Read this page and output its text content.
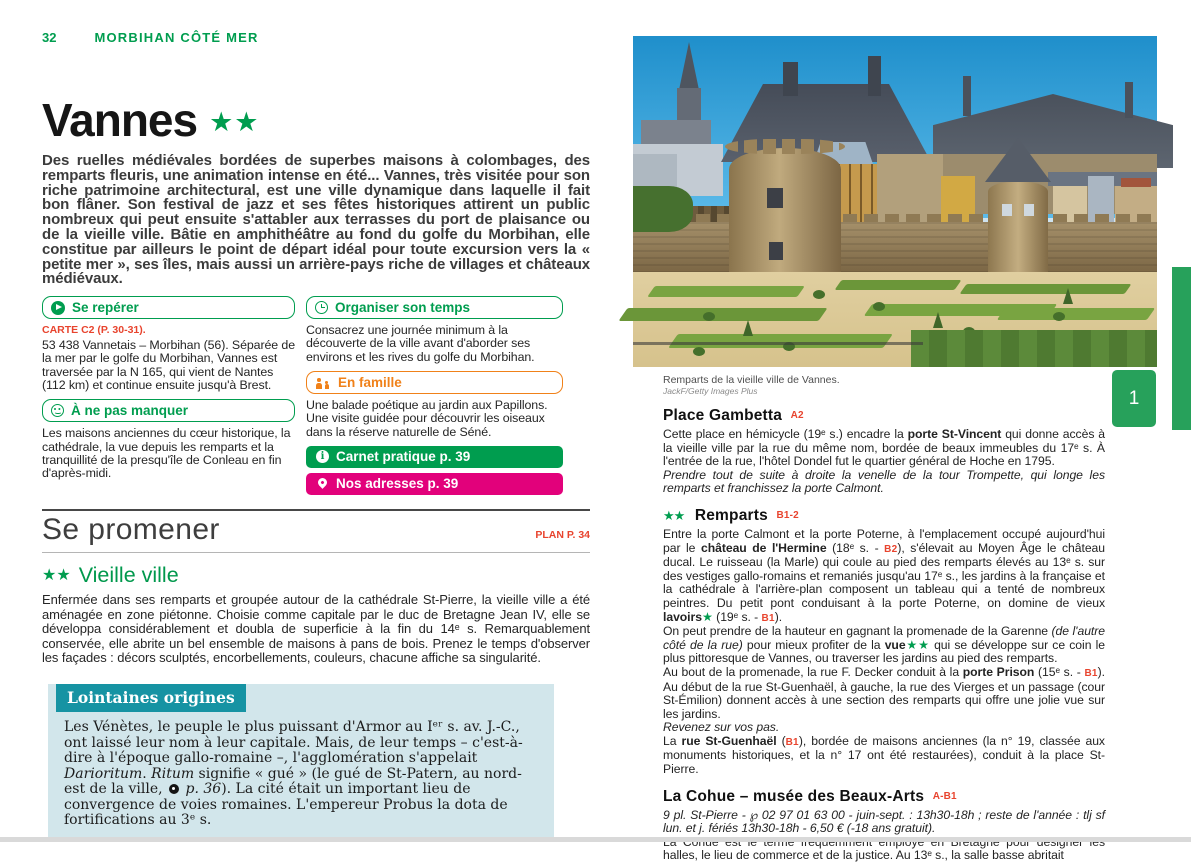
32	MORBIHAN CÔTÉ MER
Vannes ★★

Des ruelles médiévales bordées de superbes maisons à colombages, des remparts fleuris, une animation intense en été... Vannes, très visitée pour son riche patrimoine architectural, est une ville dynamique dans laquelle il fait bon flâner. Son festival de jazz et ses fêtes historiques attirent un public nombreux qui peut ensuite s'attabler aux terrasses du port de plaisance ou de la vieille ville. Bâtie en amphithéâtre au fond du golfe du Morbihan, elle constitue par ailleurs le point de départ idéal pour toute excursion vers la « petite mer », ses îles, mais aussi un arrière-pays riche de villages et châteaux médiévaux.

Se repérer
CARTE C2 (P. 30-31).

53 438 Vannetais – Morbihan (56). Séparée de la mer par le golfe du Morbihan, Vannes est traversée par la N 165, qui vient de Nantes (112 km) et continue ensuite jusqu'à Brest.

À ne pas manquer

Les maisons anciennes du cœur historique, la cathédrale, la vue depuis les remparts et la tranquillité de la presqu'île de Conleau en fin d'après-midi.

Organiser son temps

Consacrez une journée minimum à la découverte de la ville avant d'aborder ses environs et les rives du golfe du Morbihan.

En famille

Une balade poétique au jardin aux Papillons. Une visite guidée pour découvrir les oiseaux dans la réserve naturelle de Séné.

i
Carnet pratique p. 39
Nos adresses p. 39
Se promener	PLAN P. 34
★★ Vieille ville

Enfermée dans ses remparts et groupée autour de la cathédrale St-Pierre, la vieille ville a été aménagée en zone piétonne. Choisie comme capitale par le duc de Bretagne Jean IV, elle se développa considérablement et doubla de superficie à la fin du 14ᵉ s. Remarquablement conservée, elle abrite un bel ensemble de maisons à pans de bois. Prenez le temps d'observer les façades : décors sculptés, encorbellements, couleurs, chacune affiche sa singularité.

Lointaines origines

Les Vénètes, le peuple le plus puissant d'Armor au Iᵉʳ s. av. J.-C., ont laissé leur nom à leur capitale. Mais, de leur temps – c'est-à-dire à l'époque gallo-romaine –, l'agglomération s'appelait Darioritum. Ritum signifie « gué » (le gué de St-Patern, au nord-est de la ville,  p. 36). La cité était un important lieu de convergence de voies romaines. L'empereur Probus la dota de fortifications au 3ᵉ s.

1
Remparts de la vieille ville de Vannes.
JackF/Getty Images Plus
Place Gambetta A2

Cette place en hémicycle (19ᵉ s.) encadre la porte St-Vincent qui donne accès à la vieille ville par la rue du même nom, bordée de beaux immeubles du 17ᵉ s. À l'entrée de la rue, l'hôtel Dondel fut le quartier général de Hoche en 1795.

Prendre tout de suite à droite la venelle de la tour Trompette, qui longe les remparts et franchissez la porte Calmont.

★★ Remparts B1-2

Entre la porte Calmont et la porte Poterne, à l'emplacement occupé aujourd'hui par le château de l'Hermine (18ᵉ s. - B2), s'élevait au Moyen Âge le château ducal. Le ruisseau (la Marle) qui coule au pied des remparts élevés au 13ᵉ s. sur des vestiges gallo-romains et remaniés jusqu'au 17ᵉ s., les jardins à la française et la cathédrale à l'arrière-plan composent un tableau qui a tenté de nombreux peintres. Du petit pont conduisant à la porte Poterne, on domine de vieux lavoirs★ (19ᵉ s. - B1).

On peut prendre de la hauteur en gagnant la promenade de la Garenne (de l'autre côté de la rue) pour mieux profiter de la vue★★ qui se développe sur ce coin le plus pittoresque de Vannes, ou traverser les jardins au pied des remparts.

Au bout de la promenade, la rue F. Decker conduit à la porte Prison (15ᵉ s. - B1). Au début de la rue St-Guenhaël, à gauche, la rue des Vierges et un passage (cour St-Émilion) donnent accès à une section des remparts qui offre une jolie vue sur les jardins.

Revenez sur vos pas.

La rue St-Guenhaël (B1), bordée de maisons anciennes (la n° 19, classée aux monuments historiques, et la n° 17 ont été restaurées), conduit à la place St-Pierre.

La Cohue – musée des Beaux-Arts A-B1

9 pl. St-Pierre - ℘ 02 97 01 63 00 - juin-sept. : 13h30-18h ; reste de l'année : tlj sf lun. et j. fériés 13h30-18h - 6,50 € (-18 ans gratuit).

halles, le lieu de commerce et de la justice. Au 13ᵉ s., la salle basse abritait
